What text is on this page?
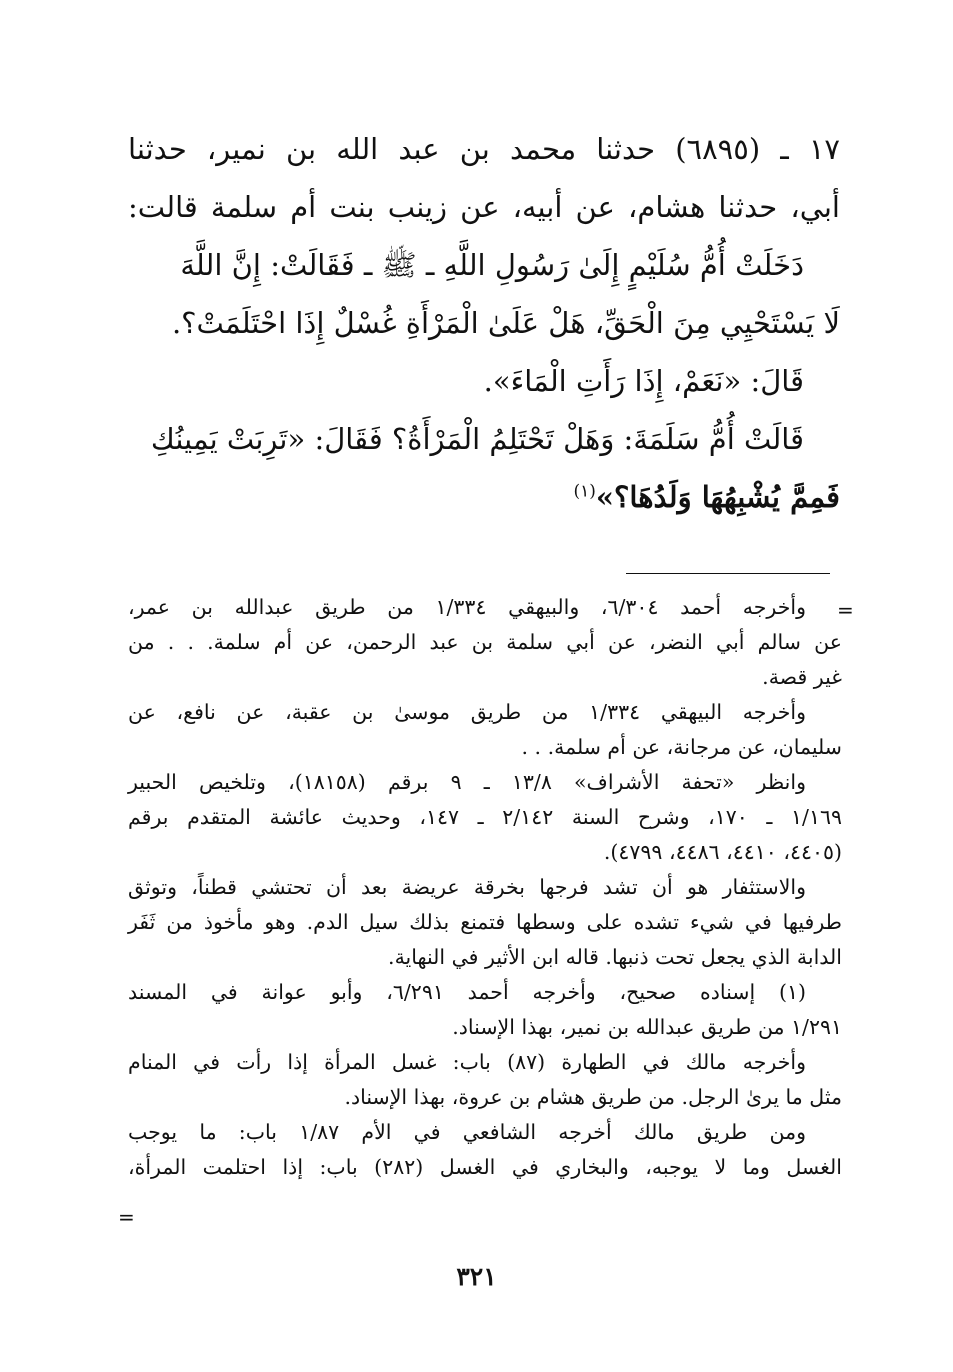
١٧ ـ (٦٨٩٥) حدثنا محمد بن عبد الله بن نمير، حدثنا
أبي، حدثنا هشام، عن أبيه، عن زينب بنت أم سلمة قالت:
دَخَلَتْ أُمُّ سُلَيْمٍ إِلَىٰ رَسُولِ اللَّهِ ـ ﷺ ـ فَقَالَتْ: إِنَّ اللَّهَ
لَا يَسْتَحْيِي مِنَ الْحَقِّ، هَلْ عَلَىٰ الْمَرْأَةِ غُسْلٌ إِذَا احْتَلَمَتْ؟.
قَالَ: «نَعَمْ، إِذَا رَأَتِ الْمَاءَ».
قَالَتْ أُمُّ سَلَمَةَ: وَهَلْ تَحْتَلِمُ الْمَرْأَةُ؟ فَقَالَ: «تَرِبَتْ يَمِينُكِ
فَمِمَّ يُشْبِهُهَا وَلَدُهَا؟»$^{(١)}$
=
وأخرجه أحمد ٦/٣٠٤، والبيهقي ١/٣٣٤ من طريق عبدالله بن عمر،
عن سالم أبي النضر، عن أبي سلمة بن عبد الرحمن، عن أم سلمة. . . من
غير قصة.
وأخرجه البيهقي ١/٣٣٤ من طريق موسىٰ بن عقبة، عن نافع، عن
سليمان، عن مرجانة، عن أم سلمة. . .
وانظر «تحفة الأشراف» ١٣/٨ ـ ٩ برقم (١٨١٥٨)، وتلخيص الحبير
١/١٦٩ ـ ١٧٠، وشرح السنة ٢/١٤٢ ـ ١٤٧، وحديث عائشة المتقدم برقم
(٤٤٠٥، ٤٤١٠، ٤٤٨٦، ٤٧٩٩).
والاستثفار هو أن تشد فرجها بخرقة عريضة بعد أن تحتشي قطناً، وتوثق
طرفيها في شيء تشده على وسطها فتمنع بذلك سيل الدم. وهو مأخوذ من ثَفَر
الدابة الذي يجعل تحت ذنبها. قاله ابن الأثير في النهاية.
(١) إسناده صحيح، وأخرجه أحمد ٦/٢٩١، وأبو عوانة في المسند
١/٢٩١ من طريق عبدالله بن نمير، بهذا الإسناد.
وأخرجه مالك في الطهارة (٨٧) باب: غسل المرأة إذا رأت في المنام
مثل ما يرىٰ الرجل. من طريق هشام بن عروة، بهذا الإسناد.
ومن طريق مالك أخرجه الشافعي في الأم ١/٨٧ باب: ما يوجب
الغسل وما لا يوجبه، والبخاري في الغسل (٢٨٢) باب: إذا احتلمت المرأة،
=
٣٢١
